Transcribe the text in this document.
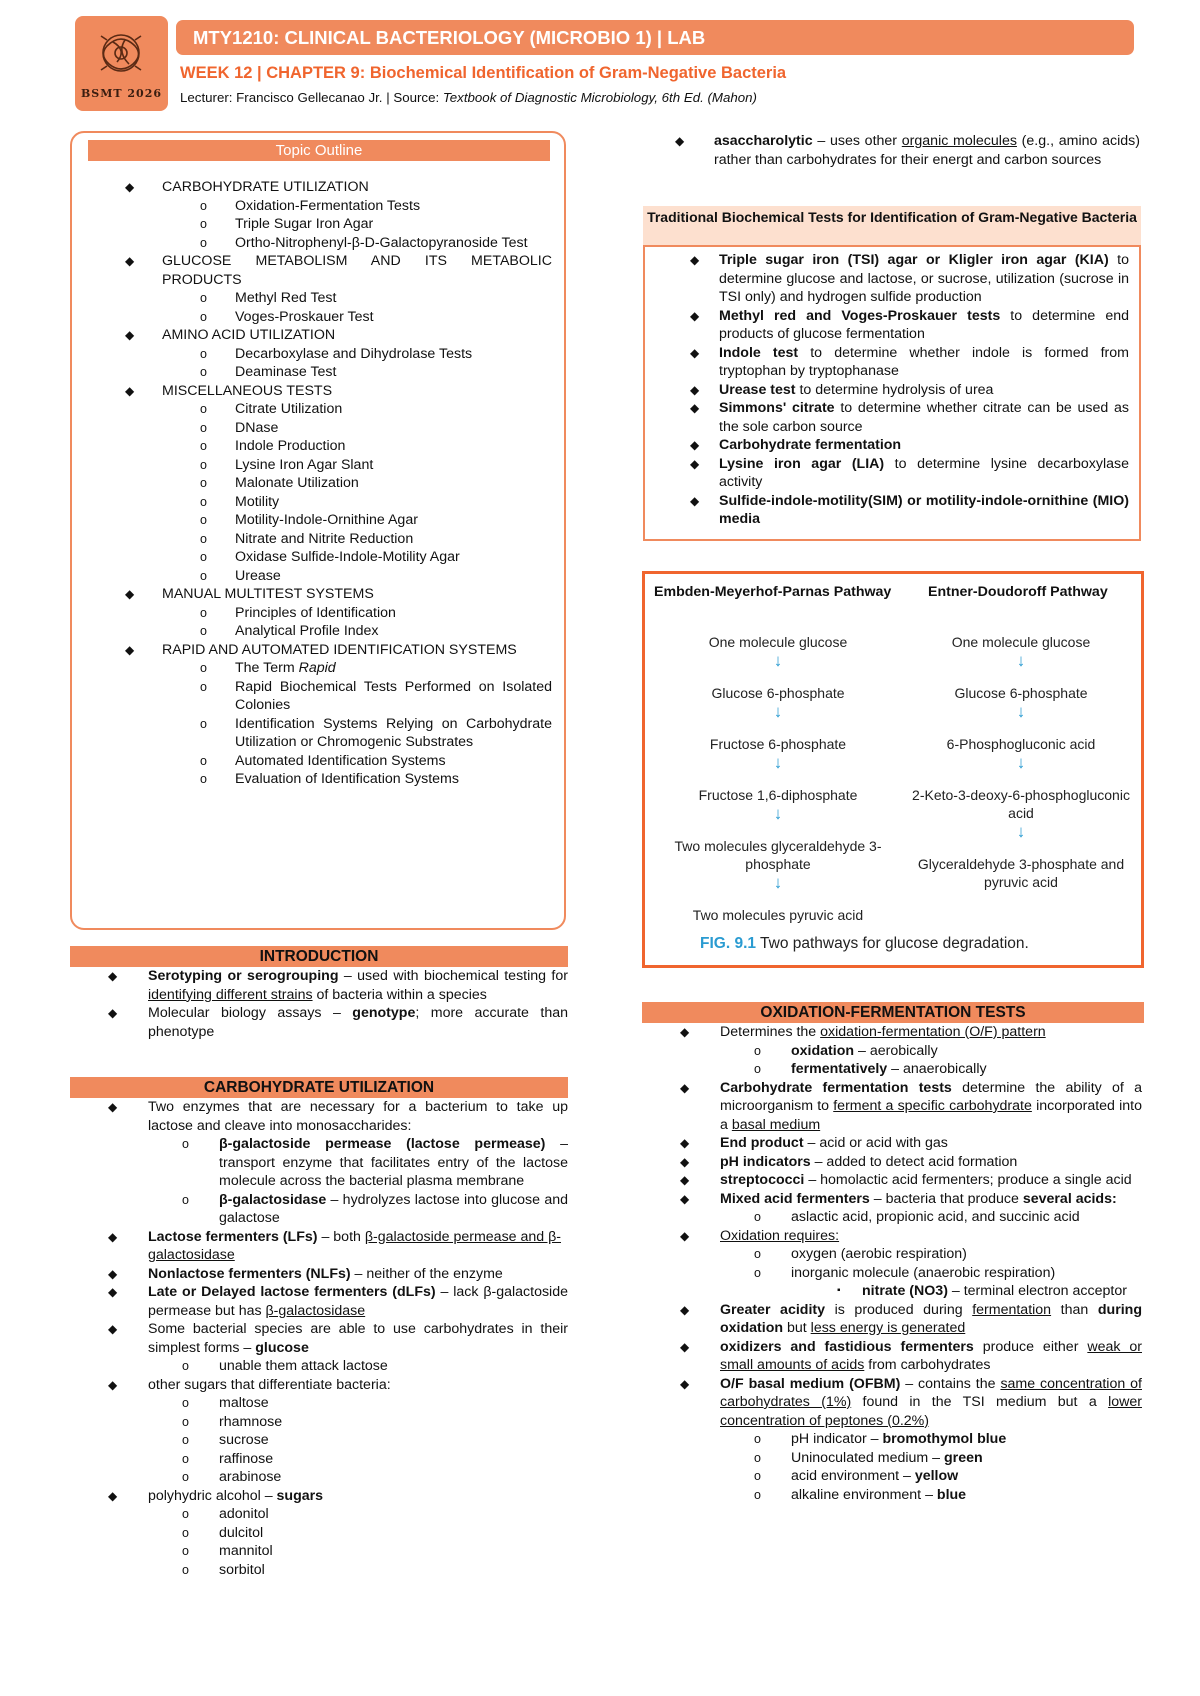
BSMT 2026
MTY1210: CLINICAL BACTERIOLOGY (MICROBIO 1) | LAB
WEEK 12 | CHAPTER 9: Biochemical Identification of Gram-Negative Bacteria
Lecturer: Francisco Gellecanao Jr. | Source: Textbook of Diagnostic Microbiology, 6th Ed. (Mahon)
Topic Outline
◆ CARBOHYDRATE UTILIZATION
o Oxidation-Fermentation Tests
o Triple Sugar Iron Agar
o Ortho-Nitrophenyl-β-D-Galactopyranoside Test
◆ GLUCOSE METABOLISM AND ITS METABOLIC PRODUCTS
o Methyl Red Test
o Voges-Proskauer Test
◆ AMINO ACID UTILIZATION
o Decarboxylase and Dihydrolase Tests
o Deaminase Test
◆ MISCELLANEOUS TESTS
o Citrate Utilization
o DNase
o Indole Production
o Lysine Iron Agar Slant
o Malonate Utilization
o Motility
o Motility-Indole-Ornithine Agar
o Nitrate and Nitrite Reduction
o Oxidase Sulfide-Indole-Motility Agar
o Urease
◆ MANUAL MULTITEST SYSTEMS
o Principles of Identification
o Analytical Profile Index
◆ RAPID AND AUTOMATED IDENTIFICATION SYSTEMS
o The Term Rapid
o Rapid Biochemical Tests Performed on Isolated Colonies
o Identification Systems Relying on Carbohydrate Utilization or Chromogenic Substrates
o Automated Identification Systems
o Evaluation of Identification Systems
INTRODUCTION
◆ Serotyping or serogrouping – used with biochemical testing for identifying different strains of bacteria within a species
◆ Molecular biology assays – genotype; more accurate than phenotype
CARBOHYDRATE UTILIZATION
◆ Two enzymes that are necessary for a bacterium to take up lactose and cleave into monosaccharides:
o β-galactoside permease (lactose permease) – transport enzyme that facilitates entry of the lactose molecule across the bacterial plasma membrane
o β-galactosidase – hydrolyzes lactose into glucose and galactose
◆ Lactose fermenters (LFs) – both β-galactoside permease and β-galactosidase
◆ Nonlactose fermenters (NLFs) – neither of the enzyme
◆ Late or Delayed lactose fermenters (dLFs) – lack β-galactoside permease but has β-galactosidase
◆ Some bacterial species are able to use carbohydrates in their simplest forms – glucose
o unable them attack lactose
◆ other sugars that differentiate bacteria:
o maltose
o rhamnose
o sucrose
o raffinose
o arabinose
◆ polyhydric alcohol – sugars
o adonitol
o dulcitol
o mannitol
o sorbitol
◆ asaccharolytic – uses other organic molecules (e.g., amino acids) rather than carbohydrates for their energt and carbon sources
Traditional Biochemical Tests for Identification of Gram-Negative Bacteria
◆ Triple sugar iron (TSI) agar or Kligler iron agar (KIA) to determine glucose and lactose, or sucrose, utilization (sucrose in TSI only) and hydrogen sulfide production
◆ Methyl red and Voges-Proskauer tests to determine end products of glucose fermentation
◆ Indole test to determine whether indole is formed from tryptophan by tryptophanase
◆ Urease test to determine hydrolysis of urea
◆ Simmons' citrate to determine whether citrate can be used as the sole carbon source
◆ Carbohydrate fermentation
◆ Lysine iron agar (LIA) to determine lysine decarboxylase activity
◆ Sulfide-indole-motility(SIM) or motility-indole-ornithine (MIO) media
Embden-Meyerhof-Parnas Pathway	Entner-Doudoroff Pathway
One molecule glucose
↓
Glucose 6-phosphate
↓
Fructose 6-phosphate
↓
Fructose 1,6-diphosphate
↓
Two molecules glyceraldehyde 3-phosphate
↓
Two molecules pyruvic acid
One molecule glucose
↓
Glucose 6-phosphate
↓
6-Phosphogluconic acid
↓
2-Keto-3-deoxy-6-phosphogluconic acid
↓
Glyceraldehyde 3-phosphate and pyruvic acid
FIG. 9.1 Two pathways for glucose degradation.
OXIDATION-FERMENTATION TESTS
◆ Determines the oxidation-fermentation (O/F) pattern
o oxidation – aerobically
o fermentatively – anaerobically
◆ Carbohydrate fermentation tests determine the ability of a microorganism to ferment a specific carbohydrate incorporated into a basal medium
◆ End product – acid or acid with gas
◆ pH indicators – added to detect acid formation
◆ streptococci – homolactic acid fermenters; produce a single acid
◆ Mixed acid fermenters – bacteria that produce several acids:
o aslactic acid, propionic acid, and succinic acid
◆ Oxidation requires:
o oxygen (aerobic respiration)
o inorganic molecule (anaerobic respiration)
▪ nitrate (NO3) – terminal electron acceptor
◆ Greater acidity is produced during fermentation than during oxidation but less energy is generated
◆ oxidizers and fastidious fermenters produce either weak or small amounts of acids from carbohydrates
◆ O/F basal medium (OFBM) – contains the same concentration of carbohydrates (1%) found in the TSI medium but a lower concentration of peptones (0.2%)
o pH indicator – bromothymol blue
o Uninoculated medium – green
o acid environment – yellow
o alkaline environment – blue
